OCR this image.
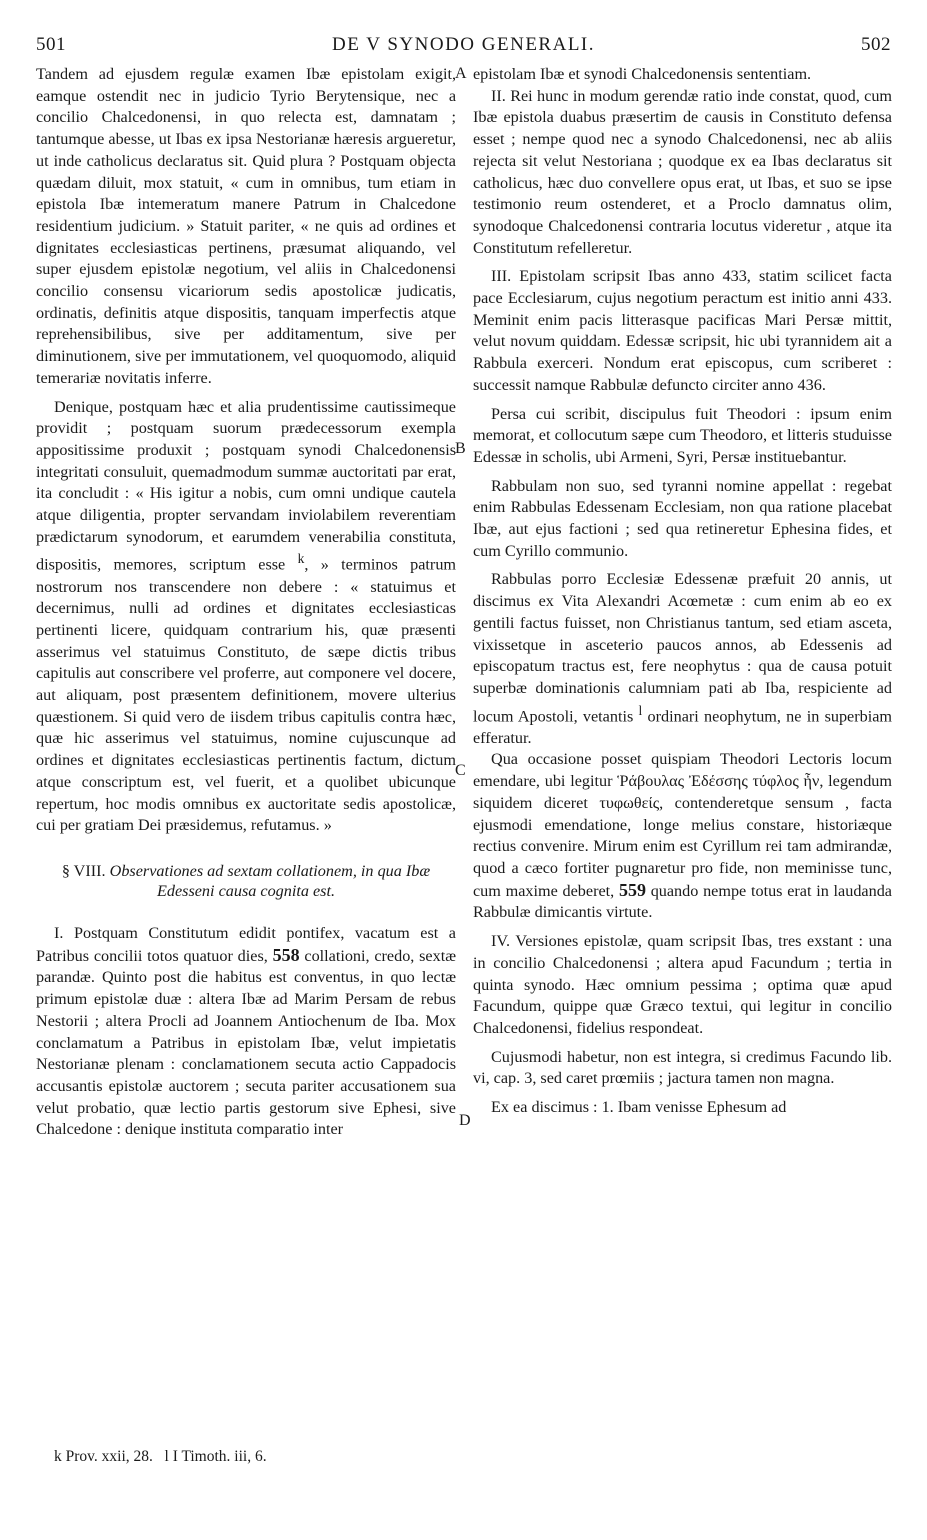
501	DE V SYNODO GENERALI.	502
A
B
C
D

Tandem ad ejusdem regulæ examen Ibæ epistolam exigit, eamque ostendit nec in judicio Tyrio Berytensique, nec a concilio Chalcedonensi, in quo relecta est, damnatam ; tantumque abesse, ut Ibas ex ipsa Nestorianæ hæresis argueretur, ut inde catholicus declaratus sit. Quid plura ? Postquam objecta quædam diluit, mox statuit, « cum in omnibus, tum etiam in epistola Ibæ intemeratum manere Patrum in Chalcedone residentium judicium. » Statuit pariter, « ne quis ad ordines et dignitates ecclesiasticas pertinens, præsumat aliquando, vel super ejusdem epistolæ negotium, vel aliis in Chalcedonensi concilio consensu vicariorum sedis apostolicæ judicatis, ordinatis, definitis atque dispositis, tanquam imperfectis atque reprehensibilibus, sive per additamentum, sive per diminutionem, sive per immutationem, vel quoquomodo, aliquid temerariæ novitatis inferre.

Denique, postquam hæc et alia prudentissime cautissimeque providit ; postquam suorum prædecessorum exempla appositissime produxit ; postquam synodi Chalcedonensis integritati consuluit, quemadmodum summæ auctoritati par erat, ita concludit : « His igitur a nobis, cum omni undique cautela atque diligentia, propter servandam inviolabilem reverentiam prædictarum synodorum, et earumdem venerabilia constituta, dispositis, memores, scriptum esse $^k$, » terminos patrum nostrorum nos transcendere non debere : « statuimus et decernimus, nulli ad ordines et dignitates ecclesiasticas pertinenti licere, quidquam contrarium his, quæ præsenti asserimus vel statuimus Constituto, de sæpe dictis tribus capitulis aut conscribere vel proferre, aut componere vel docere, aut aliquam, post præsentem definitionem, movere ulterius quæstionem. Si quid vero de iisdem tribus capitulis contra hæc, quæ hic asserimus vel statuimus, nomine cujuscunque ad ordines et dignitates ecclesiasticas pertinentis factum, dictum atque conscriptum est, vel fuerit, et a quolibet ubicunque repertum, hoc modis omnibus ex auctoritate sedis apostolicæ, cui per gratiam Dei præsidemus, refutamus. »

§ VIII. Observationes ad sextam collationem, in qua Ibæ Edesseni causa cognita est.

I. Postquam Constitutum edidit pontifex, vacatum est a Patribus concilii totos quatuor dies, 558 collationi, credo, sextæ parandæ. Quinto post die habitus est conventus, in quo lectæ primum epistolæ duæ : altera Ibæ ad Marim Persam de rebus Nestorii ; altera Procli ad Joannem Antiochenum de Iba. Mox conclamatum a Patribus in epistolam Ibæ, velut impietatis Nestorianæ plenam : conclamationem secuta actio Cappadocis accusantis epistolæ auctorem ; secuta pariter accusationem sua velut probatio, quæ lectio partis gestorum sive Ephesi, sive Chalcedone : denique instituta comparatio inter

epistolam Ibæ et synodi Chalcedonensis sententiam.

II. Rei hunc in modum gerendæ ratio inde constat, quod, cum Ibæ epistola duabus præsertim de causis in Constituto defensa esset ; nempe quod nec a synodo Chalcedonensi, nec ab aliis rejecta sit velut Nestoriana ; quodque ex ea Ibas declaratus sit catholicus, hæc duo convellere opus erat, ut Ibas, et suo se ipse testimonio reum ostenderet, et a Proclo damnatus olim, synodoque Chalcedonensi contraria locutus videretur , atque ita Constitutum refelleretur.

III. Epistolam scripsit Ibas anno 433, statim scilicet facta pace Ecclesiarum, cujus negotium peractum est initio anni 433. Meminit enim pacis litterasque pacificas Mari Persæ mittit, velut novum quiddam. Edessæ scripsit, hic ubi tyrannidem ait a Rabbula exerceri. Nondum erat episcopus, cum scriberet : successit namque Rabbulæ defuncto circiter anno 436.

Persa cui scribit, discipulus fuit Theodori : ipsum enim memorat, et collocutum sæpe cum Theodoro, et litteris studuisse Edessæ in scholis, ubi Armeni, Syri, Persæ instituebantur.

Rabbulam non suo, sed tyranni nomine appellat : regebat enim Rabbulas Edessenam Ecclesiam, non qua ratione placebat Ibæ, aut ejus factioni ; sed qua retineretur Ephesina fides, et cum Cyrillo communio.

Rabbulas porro Ecclesiæ Edessenæ præfuit 20 annis, ut discimus ex Vita Alexandri Acœmetæ : cum enim ab eo ex gentili factus fuisset, non Christianus tantum, sed etiam asceta, vixissetque in asceterio paucos annos, ab Edessenis ad episcopatum tractus est, fere neophytus : qua de causa potuit superbæ dominationis calumniam pati ab Iba, respiciente ad locum Apostoli, vetantis $^l$ ordinari neophytum, ne in superbiam efferatur.

Qua occasione posset quispiam Theodori Lectoris locum emendare, ubi legitur Ῥάβουλας Ἐδέσσης τύφλος ἦν, legendum siquidem diceret τυφωθείς, contenderetque sensum , facta ejusmodi emendatione, longe melius constare, historiæque rectius convenire. Mirum enim est Cyrillum rei tam admirandæ, quod a cæco fortiter pugnaretur pro fide, non meminisse tunc, cum maxime deberet, 559 quando nempe totus erat in laudanda Rabbulæ dimicantis virtute.

IV. Versiones epistolæ, quam scripsit Ibas, tres exstant : una in concilio Chalcedonensi ; altera apud Facundum ; tertia in quinta synodo. Hæc omnium pessima ; optima quæ apud Facundum, quippe quæ Græco textui, qui legitur in concilio Chalcedonensi, fidelius respondeat.

Cujusmodi habetur, non est integra, si credimus Facundo lib. vi, cap. 3, sed caret prœmiis ; jactura tamen non magna.

Ex ea discimus : 1. Ibam venisse Ephesum ad

k Prov. xxii, 28. l I Timoth. iii, 6.
